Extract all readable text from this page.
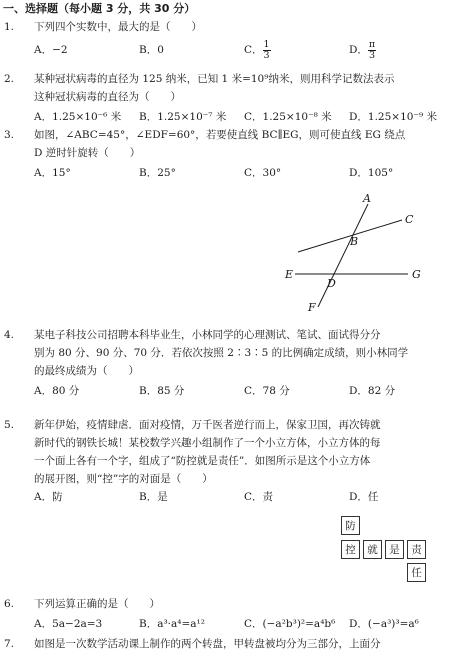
一、选择题（每小题 3 分，共 30 分）
1. 下列四个实数中，最大的是（　　）
A．−2	B．0	C． $\frac{1}{3}$	D． $\frac{\pi}{3}$
2. 某种冠状病毒的直径为 125 纳米，已知 1 米=10⁹纳米，则用科学记数法表示
这种冠状病毒的直径为（　　）
A．1.25×10⁻⁶ 米 B．1.25×10⁻⁷ 米 C．1.25×10⁻⁸ 米 D．1.25×10⁻⁹ 米
3. 如图，∠ABC=45°，∠EDF=60°，若要使直线 BC∥EG，则可使直线 EG 绕点
D 逆时针旋转（　　）
A．15°	B．25°	C．30°	D．105°
A
C
B
E	G
D
F
4. 某电子科技公司招聘本科毕业生，小林同学的心理测试、笔试、面试得分分
别为 80 分、90 分、70 分．若依次按照 2∶3∶5 的比例确定成绩，则小林同学
的最终成绩为（　　）
A．80 分	B．85 分	C．78 分	D．82 分
5. 新年伊始，疫情肆虐．面对疫情，万千医者逆行而上，保家卫国，再次铸就
新时代的钢铁长城！某校数学兴趣小组制作了一个小立方体，小立方体的每
一个面上各有一个字，组成了“防控就是责任”．如图所示是这个小立方体
的展开图，则“控”字的对面是（　　）
A．防	B．是	C．责	D．任
防
控	就	是	责
任
6. 下列运算正确的是（　　）
A．5a−2a=3	B．a³·a⁴=a¹²	C．(−a²b³)²=a⁴b⁶ D．(−a³)³=a⁶
7. 如图是一次数学活动课上制作的两个转盘，甲转盘被均分为三部分，上面分
